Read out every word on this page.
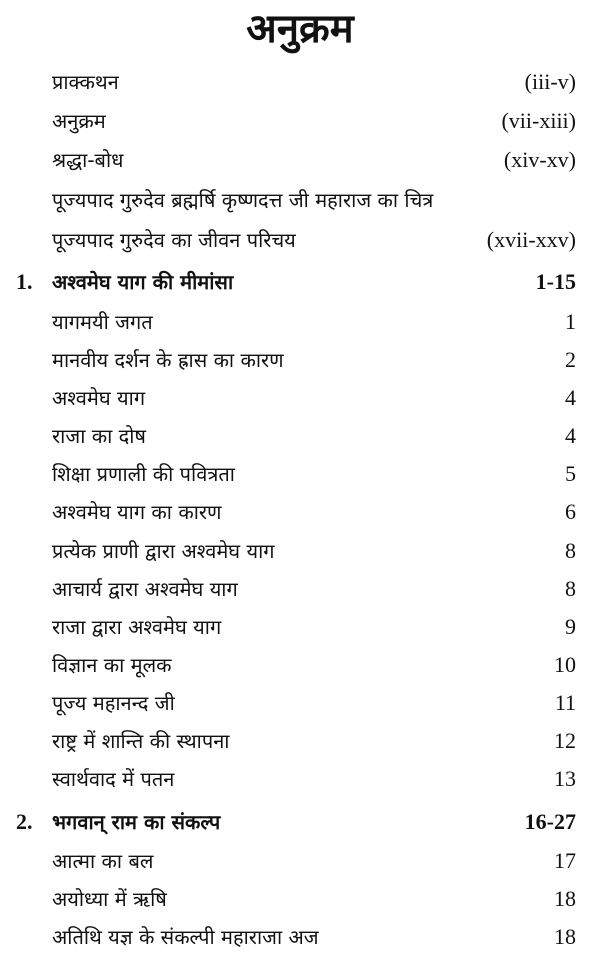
अनुक्रम
प्राक्कथन	(iii-v)
अनुक्रम	(vii-xiii)
श्रद्धा-बोध	(xiv-xv)
पूज्यपाद गुरुदेव ब्रह्मर्षि कृष्णदत्त जी महाराज का चित्र
पूज्यपाद गुरुदेव का जीवन परिचय	(xvii-xxv)
1. अश्वमेघ याग की मीमांसा	1-15
यागमयी जगत	1
मानवीय दर्शन के ह्रास का कारण	2
अश्वमेघ याग	4
राजा का दोष	4
शिक्षा प्रणाली की पवित्रता	5
अश्वमेघ याग का कारण	6
प्रत्येक प्राणी द्वारा अश्वमेघ याग	8
आचार्य द्वारा अश्वमेघ याग	8
राजा द्वारा अश्वमेघ याग	9
विज्ञान का मूलक	10
पूज्य महानन्द जी	11
राष्ट्र में शान्ति की स्थापना	12
स्वार्थवाद में पतन	13
2. भगवान् राम का संकल्प	16-27
आत्मा का बल	17
अयोध्या में ऋषि	18
अतिथि यज्ञ के संकल्पी महाराजा अज	18
